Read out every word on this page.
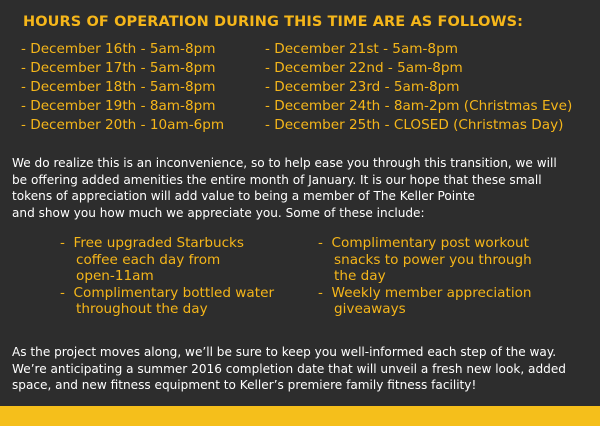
HOURS OF OPERATION DURING THIS TIME ARE AS FOLLOWS:
- December 16th - 5am-8pm
- December 17th - 5am-8pm
- December 18th - 5am-8pm
- December 19th - 8am-8pm
- December 20th - 10am-6pm
- December 21st - 5am-8pm
- December 22nd - 5am-8pm
- December 23rd - 5am-8pm
- December 24th - 8am-2pm (Christmas Eve)
- December 25th - CLOSED (Christmas Day)

We do realize this is an inconvenience, so to help ease you through this transition, we will
be offering added amenities the entire month of January. It is our hope that these small
tokens of appreciation will add value to being a member of The Keller Pointe
and show you how much we appreciate you. Some of these include:

-  Free upgraded Starbucks
coffee each day from
open-11am
-  Complimentary bottled water
throughout the day
-  Complimentary post workout
snacks to power you through
the day
-  Weekly member appreciation
giveaways

As the project moves along, we’ll be sure to keep you well-informed each step of the way.
We’re anticipating a summer 2016 completion date that will unveil a fresh new look, added
space, and new fitness equipment to Keller’s premiere family fitness facility!
